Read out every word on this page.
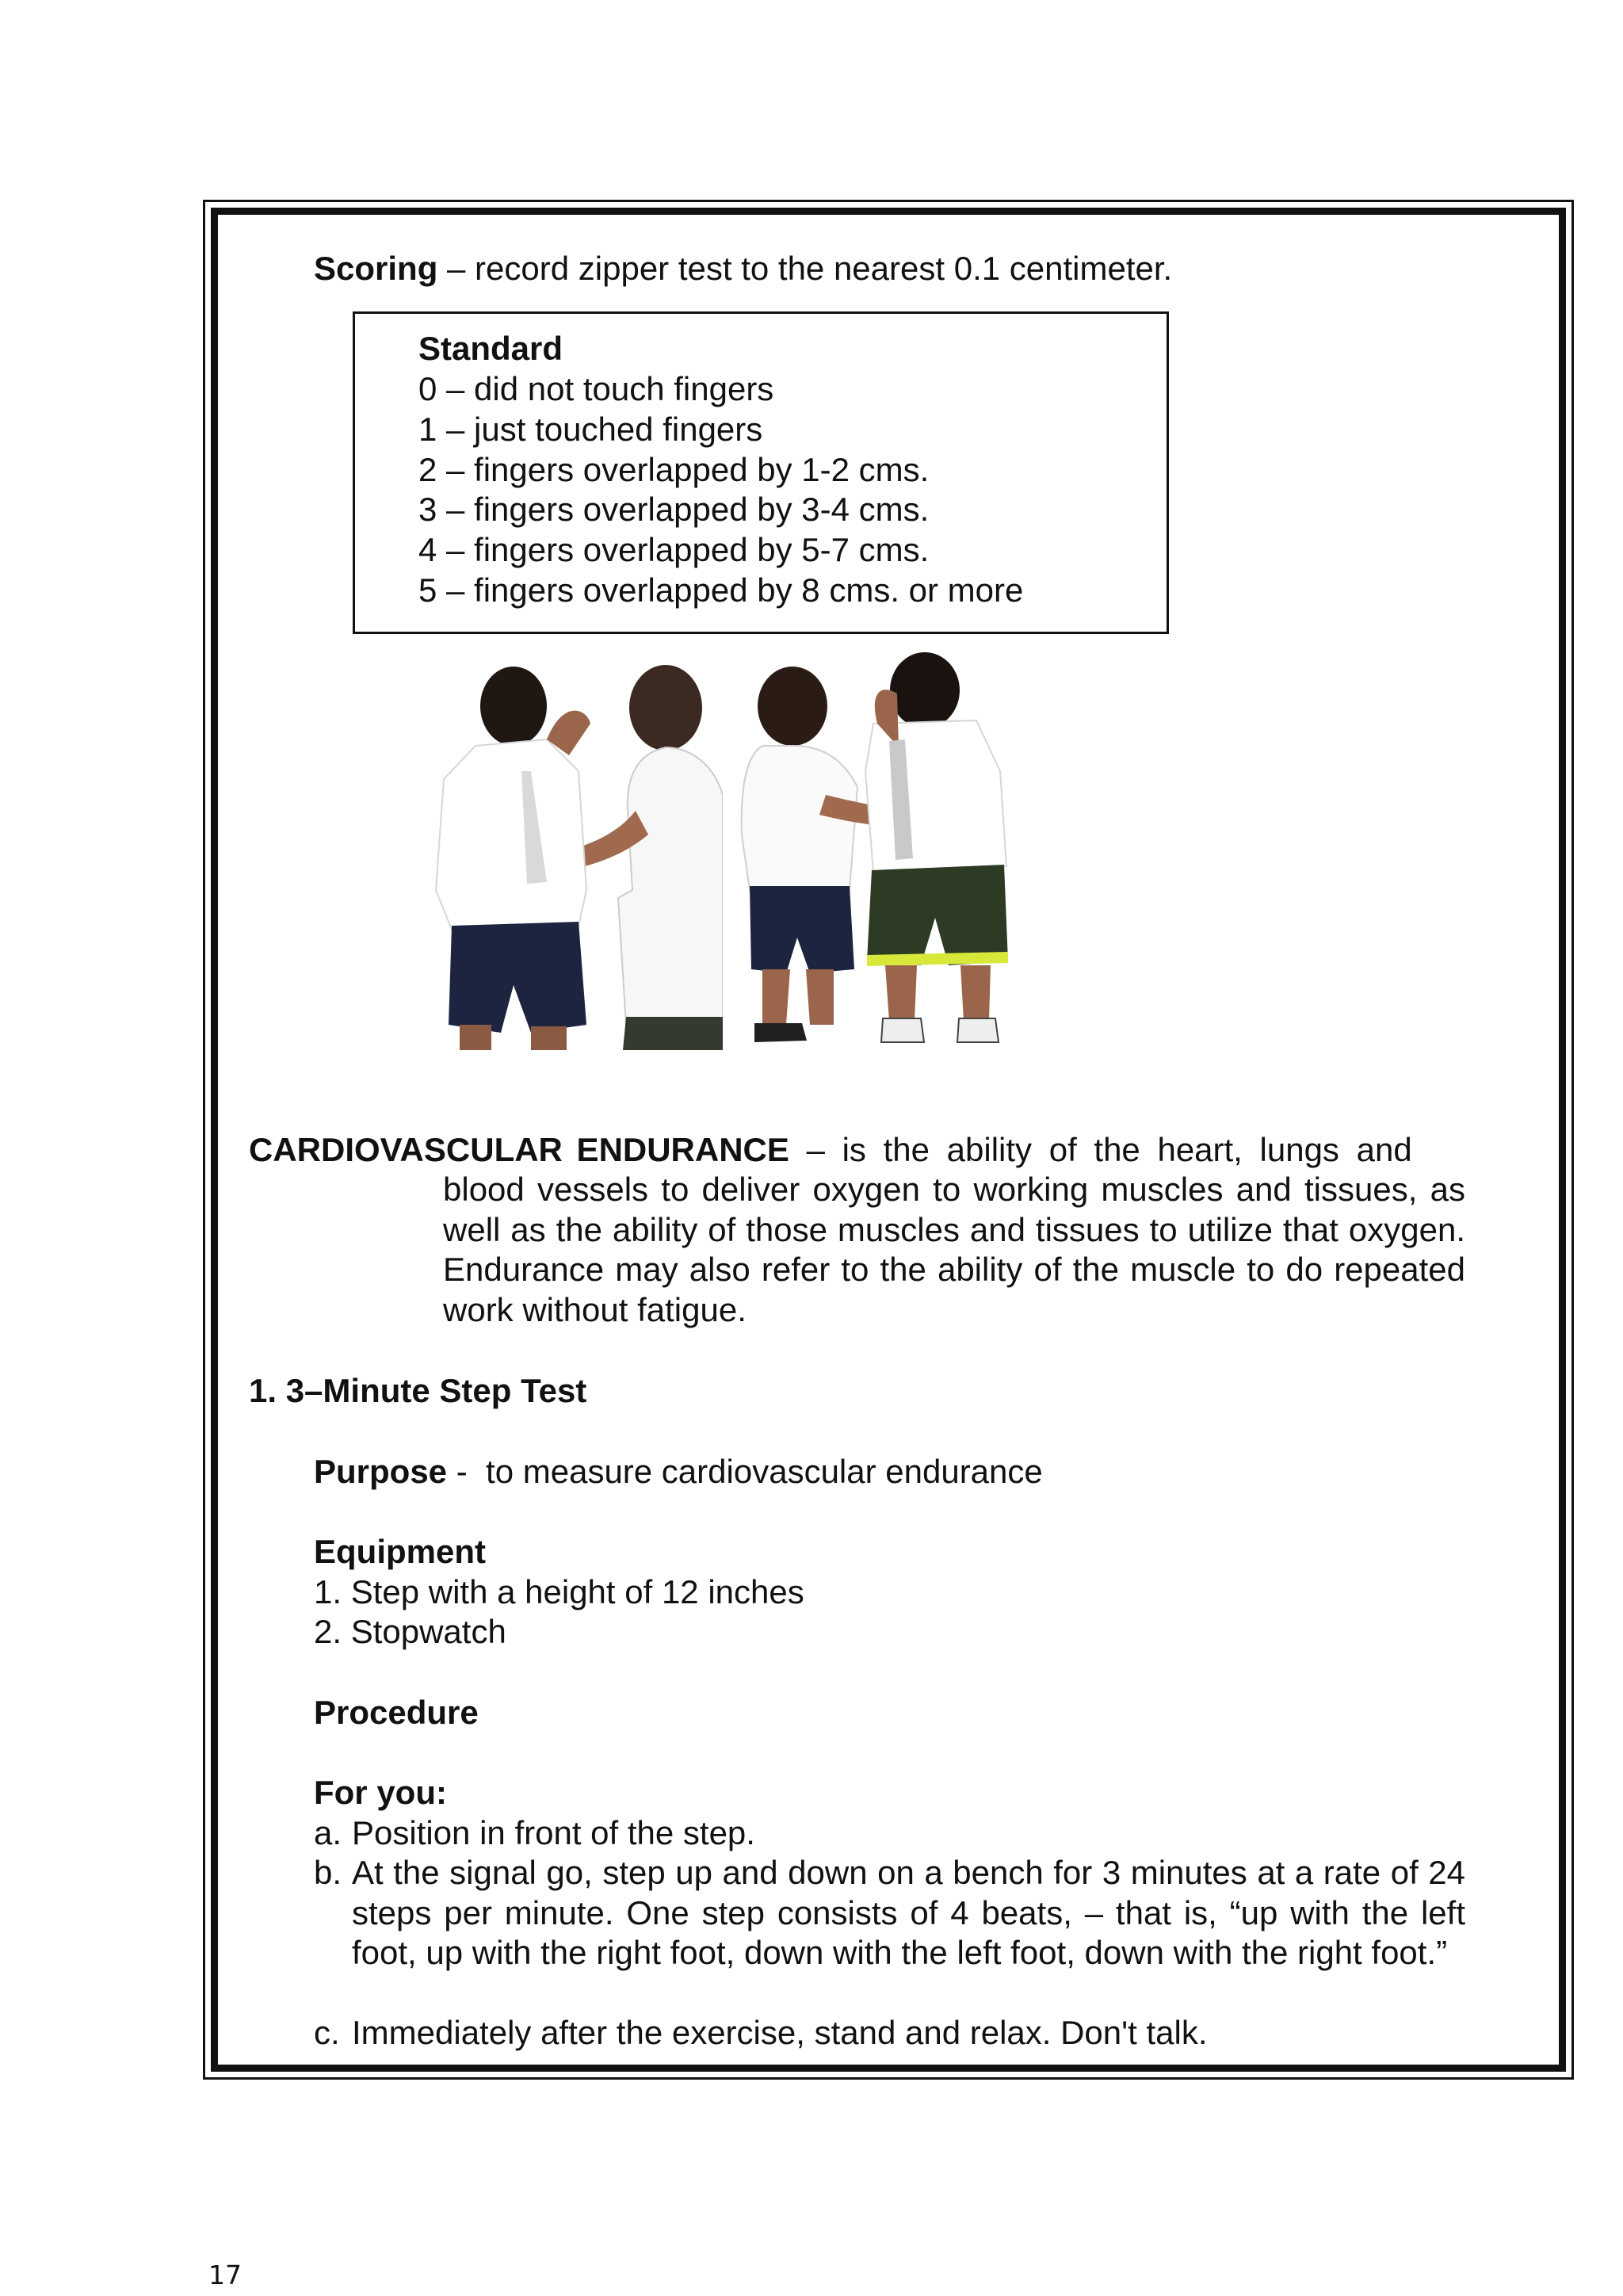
Scoring – record zipper test to the nearest 0.1 centimeter.
Standard
0 – did not touch fingers
1 – just touched fingers
2 – fingers overlapped by 1-2 cms.
3 – fingers overlapped by 3-4 cms.
4 – fingers overlapped by 5-7 cms.
5 – fingers overlapped by 8 cms. or more
CARDIOVASCULAR ENDURANCE – is the ability of the heart, lungs and
blood vessels to deliver oxygen to working muscles and tissues, as well as the ability of those muscles and tissues to utilize that oxygen. Endurance may also refer to the ability of the muscle to do repeated work without fatigue.
1. 3–Minute Step Test
Purpose -  to measure cardiovascular endurance
Equipment
1. Step with a height of 12 inches
2. Stopwatch
Procedure
For you:
a. Position in front of the step.
b. At the signal go, step up and down on a bench for 3 minutes at a rate of 24 steps per minute. One step consists of 4 beats, – that is, “up with the left foot, up with the right foot, down with the left foot, down with the right foot.”
c. Immediately after the exercise, stand and relax. Don't talk.
17
